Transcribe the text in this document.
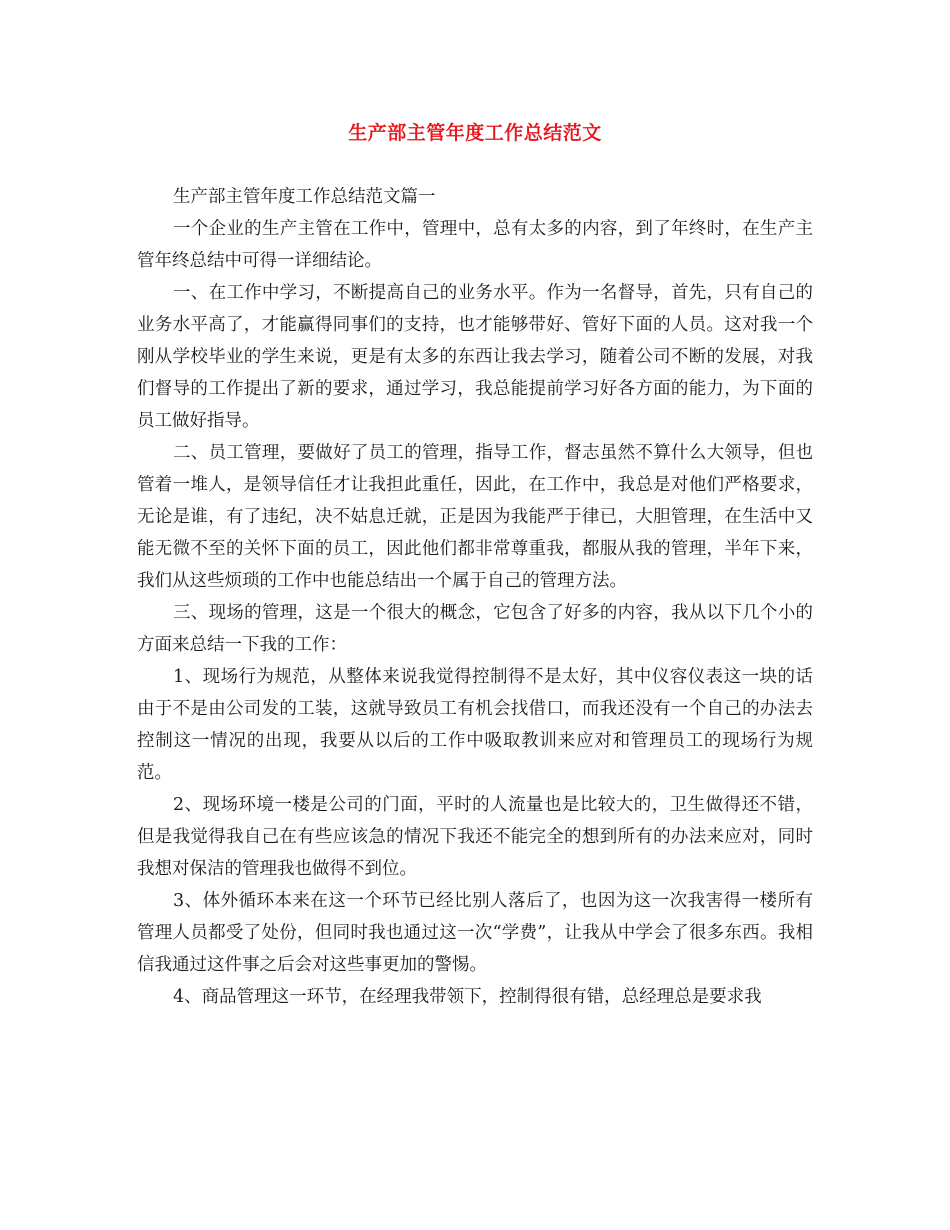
生产部主管年度工作总结范文

生产部主管年度工作总结范文篇一

一个企业的生产主管在工作中，管理中，总有太多的内容，到了年终时，在生产主管年终总结中可得一详细结论。

一、在工作中学习，不断提高自己的业务水平。作为一名督导，首先，只有自己的业务水平高了，才能赢得同事们的支持，也才能够带好、管好下面的人员。这对我一个刚从学校毕业的学生来说，更是有太多的东西让我去学习，随着公司不断的发展，对我们督导的工作提出了新的要求，通过学习，我总能提前学习好各方面的能力，为下面的员工做好指导。

二、员工管理，要做好了员工的管理，指导工作，督志虽然不算什么大领导，但也管着一堆人，是领导信任才让我担此重任，因此，在工作中，我总是对他们严格要求，无论是谁，有了违纪，决不姑息迁就，正是因为我能严于律已，大胆管理，在生活中又能无微不至的关怀下面的员工，因此他们都非常尊重我，都服从我的管理，半年下来，我们从这些烦琐的工作中也能总结出一个属于自己的管理方法。

三、现场的管理，这是一个很大的概念，它包含了好多的内容，我从以下几个小的方面来总结一下我的工作：

1、现场行为规范，从整体来说我觉得控制得不是太好，其中仪容仪表这一块的话由于不是由公司发的工装，这就导致员工有机会找借口，而我还没有一个自己的办法去控制这一情况的出现，我要从以后的工作中吸取教训来应对和管理员工的现场行为规范。

2、现场环境一楼是公司的门面，平时的人流量也是比较大的，卫生做得还不错，但是我觉得我自己在有些应该急的情况下我还不能完全的想到所有的办法来应对，同时我想对保洁的管理我也做得不到位。

3、体外循环本来在这一个环节已经比别人落后了，也因为这一次我害得一楼所有管理人员都受了处份，但同时我也通过这一次“学费”，让我从中学会了很多东西。我相信我通过这件事之后会对这些事更加的警惕。

4、商品管理这一环节，在经理我带领下，控制得很有错，总经理总是要求我
